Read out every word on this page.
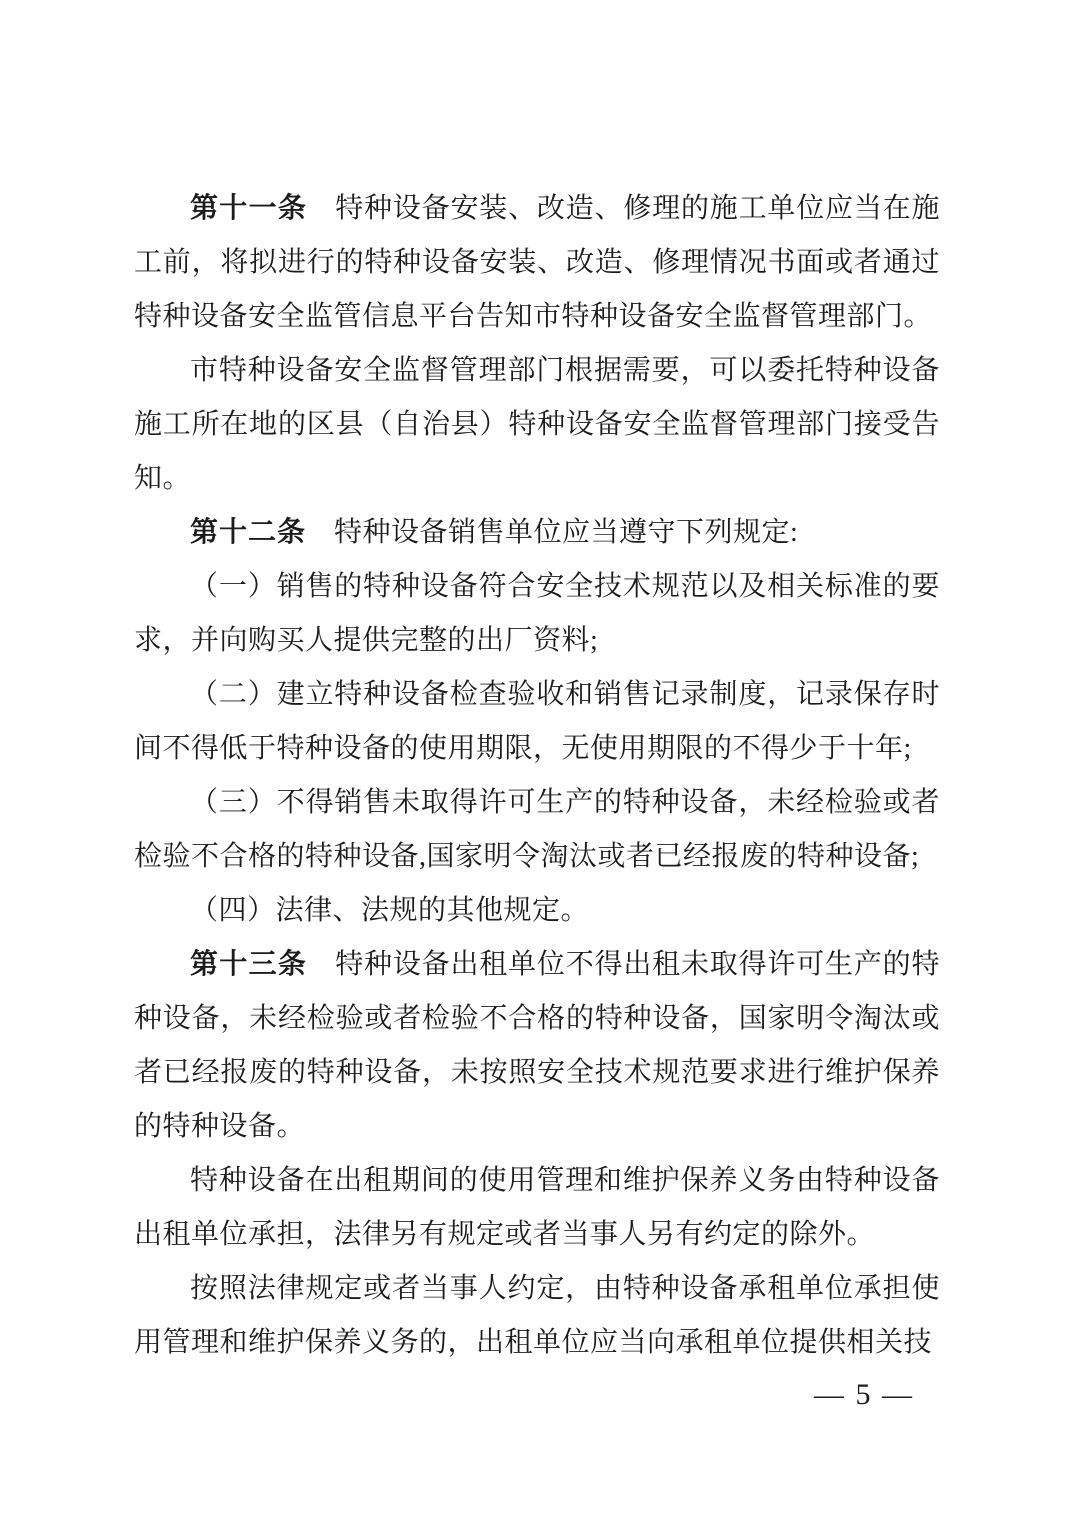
第十一条 特种设备安装、改造、修理的施工单位应当在施工前，将拟进行的特种设备安装、改造、修理情况书面或者通过特种设备安全监管信息平台告知市特种设备安全监督管理部门。

市特种设备安全监督管理部门根据需要，可以委托特种设备施工所在地的区县（自治县）特种设备安全监督管理部门接受告知。

第十二条 特种设备销售单位应当遵守下列规定:

（一）销售的特种设备符合安全技术规范以及相关标准的要求，并向购买人提供完整的出厂资料;

（二）建立特种设备检查验收和销售记录制度，记录保存时间不得低于特种设备的使用期限，无使用期限的不得少于十年;

（三）不得销售未取得许可生产的特种设备，未经检验或者检验不合格的特种设备,国家明令淘汰或者已经报废的特种设备;

（四）法律、法规的其他规定。

第十三条 特种设备出租单位不得出租未取得许可生产的特种设备，未经检验或者检验不合格的特种设备，国家明令淘汰或者已经报废的特种设备，未按照安全技术规范要求进行维护保养的特种设备。

特种设备在出租期间的使用管理和维护保养义务由特种设备出租单位承担，法律另有规定或者当事人另有约定的除外。

按照法律规定或者当事人约定，由特种设备承租单位承担使用管理和维护保养义务的，出租单位应当向承租单位提供相关技

— 5 —
